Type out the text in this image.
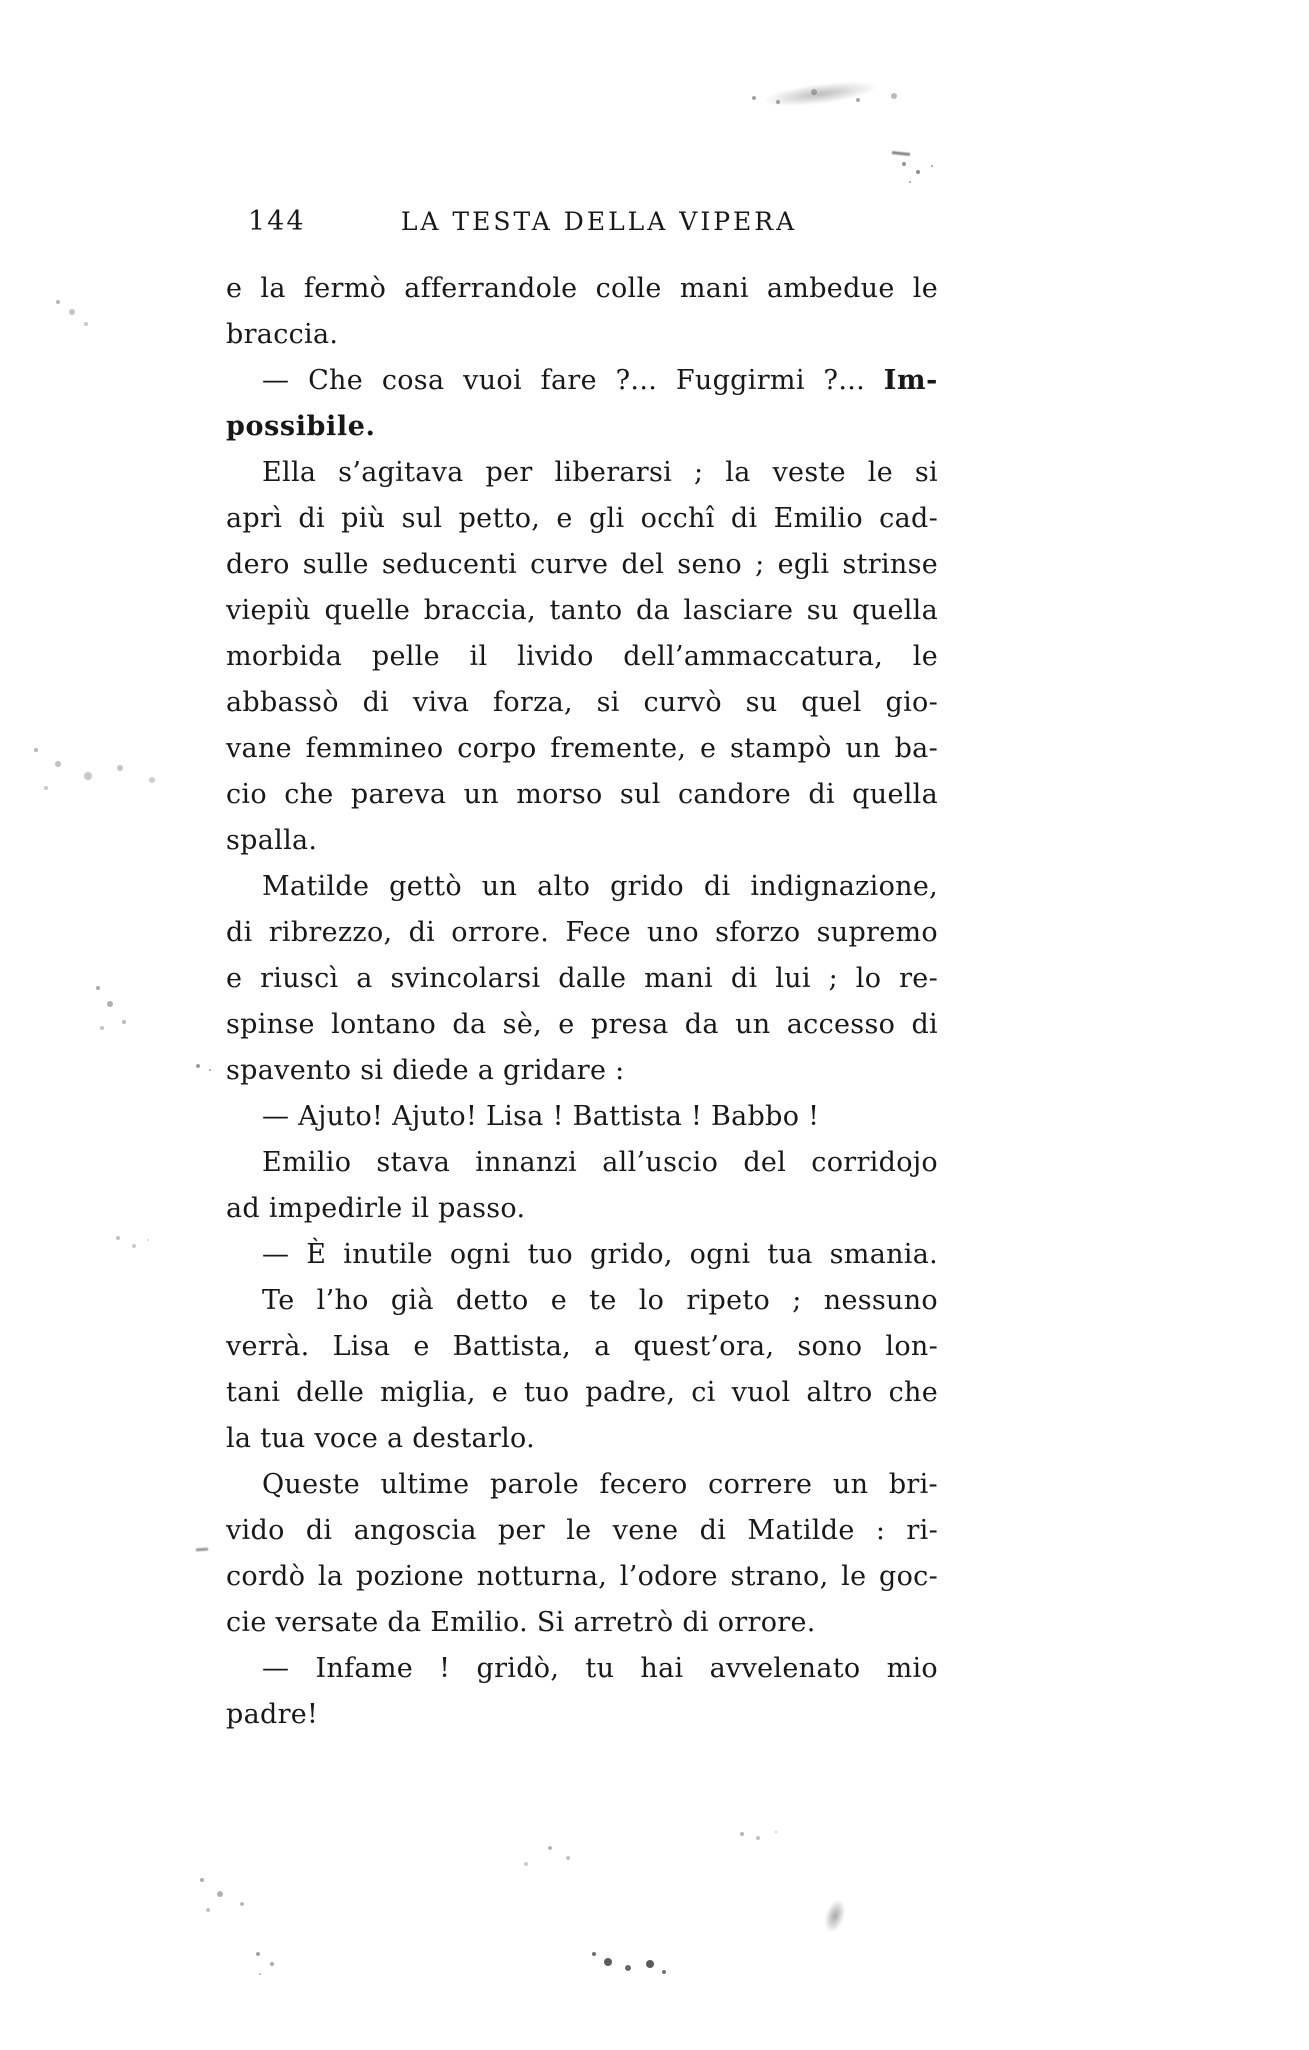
144	LA TESTA DELLA VIPERA
e la fermò afferrandole colle mani ambedue le
braccia.
— Che cosa vuoi fare ?... Fuggirmi ?... Im-
possibile.
Ella s’agitava per liberarsi ; la veste le si
aprì di più sul petto, e gli occhî di Emilio cad-
dero sulle seducenti curve del seno ; egli strinse
viepiù quelle braccia, tanto da lasciare su quella
morbida pelle il livido dell’ammaccatura, le
abbassò di viva forza, si curvò su quel gio-
vane femmineo corpo fremente, e stampò un ba-
cio che pareva un morso sul candore di quella
spalla.
Matilde gettò un alto grido di indignazione,
di ribrezzo, di orrore. Fece uno sforzo supremo
e riuscì a svincolarsi dalle mani di lui ; lo re-
spinse lontano da sè, e presa da un accesso di
spavento si diede a gridare :
— Ajuto! Ajuto! Lisa ! Battista ! Babbo !
Emilio stava innanzi all’uscio del corridojo
ad impedirle il passo.
— È inutile ogni tuo grido, ogni tua smania.
Te l’ho già detto e te lo ripeto ; nessuno
verrà. Lisa e Battista, a quest’ora, sono lon-
tani delle miglia, e tuo padre, ci vuol altro che
la tua voce a destarlo.
Queste ultime parole fecero correre un bri-
vido di angoscia per le vene di Matilde : ri-
cordò la pozione notturna, l’odore strano, le goc-
cie versate da Emilio. Si arretrò di orrore.
— Infame ! gridò, tu hai avvelenato mio
padre!
